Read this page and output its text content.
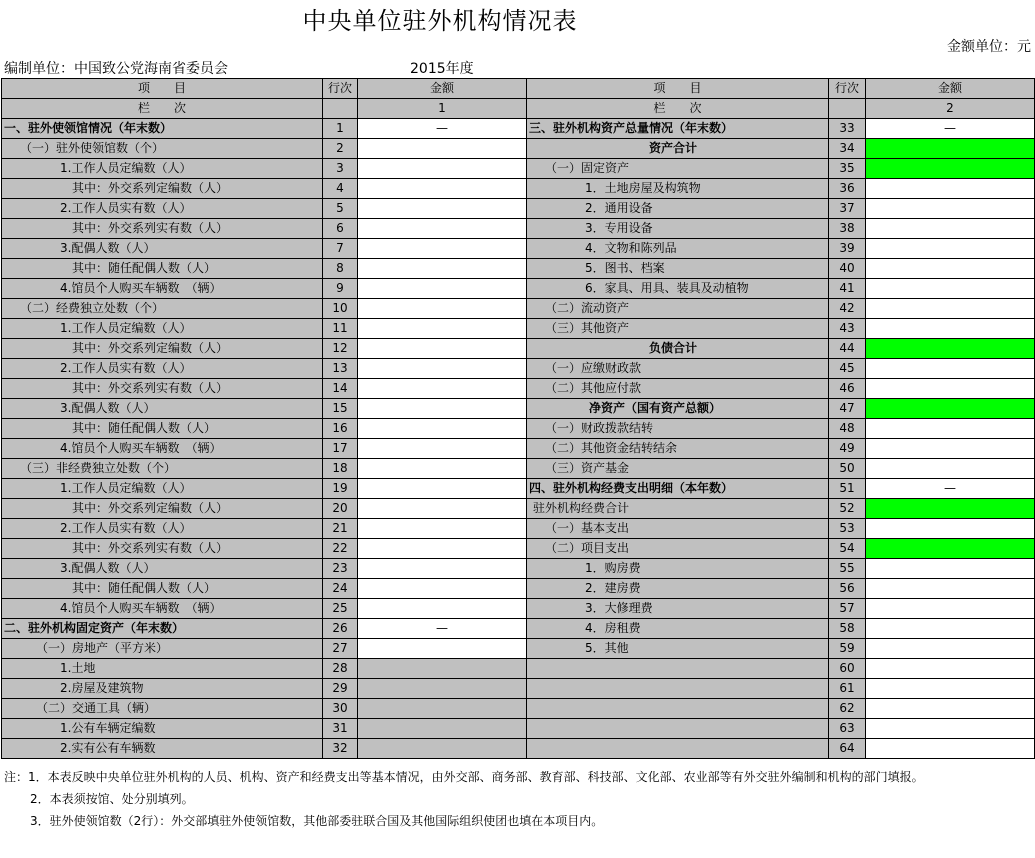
中央单位驻外机构情况表
金额单位：元
编制单位：中国致公党海南省委员会	2015年度
项　　目	行次	金额	项　　目	行次	金额
栏　　次		1	栏　　次		2
一、驻外使领馆情况（年末数）	1	—	三、驻外机构资产总量情况（年末数）	33	—
（一）驻外使领馆数（个）	2		资产合计	34	
1.工作人员定编数（人）	3		（一）固定资产	35	
其中：外交系列定编数（人）	4		1．土地房屋及构筑物	36	
2.工作人员实有数（人）	5		2．通用设备	37	
其中：外交系列实有数（人）	6		3．专用设备	38	
3.配偶人数（人）	7		4．文物和陈列品	39	
其中：随任配偶人数（人）	8		5．图书、档案	40	
4.馆员个人购买车辆数　（辆）	9		6．家具、用具、装具及动植物	41	
（二）经费独立处数（个）	10		（二）流动资产	42	
1.工作人员定编数（人）	11		（三）其他资产	43	
其中：外交系列定编数（人）	12		负债合计	44	
2.工作人员实有数（人）	13		（一）应缴财政款	45	
其中：外交系列实有数（人）	14		（二）其他应付款	46	
3.配偶人数（人）	15		净资产（国有资产总额）	47	
其中：随任配偶人数（人）	16		（一）财政拨款结转	48	
4.馆员个人购买车辆数　（辆）	17		（二）其他资金结转结余	49	
（三）非经费独立处数（个）	18		（三）资产基金	50	
1.工作人员定编数（人）	19		四、驻外机构经费支出明细（本年数）	51	—
其中：外交系列定编数（人）	20		驻外机构经费合计	52	
2.工作人员实有数（人）	21		（一）基本支出	53	
其中：外交系列实有数（人）	22		（二）项目支出	54	
3.配偶人数（人）	23		1．购房费	55	
其中：随任配偶人数（人）	24		2．建房费	56	
4.馆员个人购买车辆数　（辆）	25		3．大修理费	57	
二、驻外机构固定资产（年末数）	26	—	4．房租费	58	
（一）房地产（平方米）	27		5．其他	59	
1.土地	28			60	
2.房屋及建筑物	29			61	
（二）交通工具（辆）	30			62	
1.公有车辆定编数	31			63	
2.实有公有车辆数	32			64	
注：1．本表反映中央单位驻外机构的人员、机构、资产和经费支出等基本情况，由外交部、商务部、教育部、科技部、文化部、农业部等有外交驻外编制和机构的部门填报。
2．本表须按馆、处分别填列。
3．驻外使领馆数（2行）：外交部填驻外使领馆数，其他部委驻联合国及其他国际组织使团也填在本项目内。
